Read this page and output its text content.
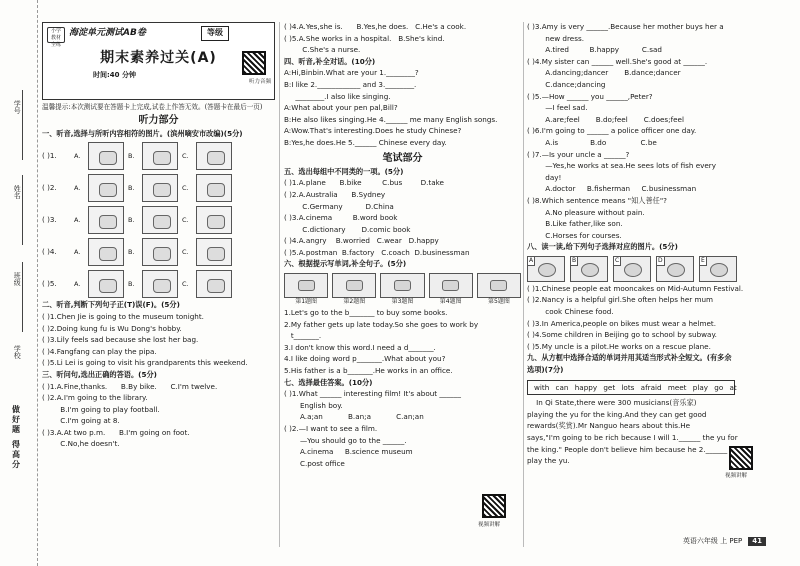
学号
姓名
班级
学校
做好题 得高分
小学 教材 全练
海淀单元测试AB卷	等级
期末素养过关(A)
时间:40 分钟
听力音频
温馨提示:本次测试要在答题卡上完成,试卷上作答无效。(答题卡在最后一页)
听力部分
一、听音,选择与所听内容相符的图片。(滨州嘀安市改编)(5分)
( )1.	A.	B.	C.
( )2.	A.	B.	C.
( )3.	A.	B.	C.
( )4.	A.	B.	C.
( )5.	A.	B.	C.
二、听音,判断下列句子正(T)误(F)。(5分)
( )1.Chen Jie is going to the museum tonight.
( )2.Doing kung fu is Wu Dong's hobby.
( )3.Lily feels sad because she lost her bag.
( )4.Fangfang can play the pipa.
( )5.Li Lei is going to visit his grandparents this weekend.
三、听问句,选出正确的答语。(5分)
( )1.A.Fine,thanks.      B.By bike.      C.I'm twelve.
( )2.A.I'm going to the library.
B.I'm going to play football.
C.I'm going at 8.
( )3.A.At two p.m.      B.I'm going on foot.
C.No,he doesn't.
( )4.A.Yes,she is.      B.Yes,he does.   C.He's a cook.
( )5.A.She works in a hospital.   B.She's kind.
C.She's a nurse.
四、听音,补全对话。(10分)
A:Hi,Binbin.What are your 1.________?
B:I like 2.____________ and 3.________.
________.I also like singing.
A:What about your pen pal,Bill?
B:He also likes singing.He 4.______ me many English songs.
A:Wow.That's interesting.Does he study Chinese?
B:Yes,he does.He 5.______ Chinese every day.
笔试部分
五、选出每组中不同类的一项。(5分)
( )1.A.plane      B.bike         C.bus        D.take
( )2.A.Australia      B.Sydney
C.Germany          D.China
( )3.A.cinema         B.word book
C.dictionary       D.comic book
( )4.A.angry    B.worried   C.wear   D.happy
( )5.A.postman  B.factory   C.coach  D.businessman
六、根据提示写单词,补全句子。(5分)
第1题图	第2题图	第3题图	第4题图	第5题图
1.Let's go to the b_______ to buy some books.
2.My father gets up late today.So she goes to work by
t_______.
3.I don't know this word.I need a d_______.
4.I like doing word p_______.What about you?
5.His father is a b_______.He works in an office.
七、选择最佳答案。(10分)
( )1.What ______ interesting film! It's about ______
English boy.
A.a;an           B.an;a           C.an;an
( )2.—I want to see a film.
—You should go to the ______.
A.cinema     B.science museum
C.post office
视频讲解
( )3.Amy is very ______.Because her mother buys her a
new dress.
A.tired         B.happy          C.sad
( )4.My sister can ______ well.She's good at ______.
A.dancing;dancer       B.dance;dancer
C.dance;dancing
( )5.—How ______ you ______,Peter?
—I feel sad.
A.are;feel       B.do;feel       C.does;feel
( )6.I'm going to ______ a police officer one day.
A.is              B.do               C.be
( )7.—Is your uncle a ______?
—Yes,he works at sea.He sees lots of fish every
day!
A.doctor     B.fisherman     C.businessman
( )8.Which sentence means "知人善任"?
A.No pleasure without pain.
B.Like father,like son.
C.Horses for courses.
八、读一读,给下列句子选择对应的图片。(5分)
A	B	C	D	E
( )1.Chinese people eat mooncakes on Mid-Autumn Festival.
( )2.Nancy is a helpful girl.She often helps her mum
cook Chinese food.
( )3.In America,people on bikes must wear a helmet.
( )4.Some children in Beijing go to school by subway.
( )5.My uncle is a pilot.He works on a rescue plane.
九、从方框中选择合适的单词并用其适当形式补全短文。(有多余
选项)(7分)
with can happy get lots afraid meet play go at
In Qi State,there were 300 musicians(音乐家)
playing the yu for the king.And they can get good
rewards(奖赏).Mr Nanguo hears about this.He
says,"I'm going to be rich because I will 1.______ the yu for
the king." People don't believe him because he 2.______
play the yu.
视频讲解
英语六年级 上 PEP 41
